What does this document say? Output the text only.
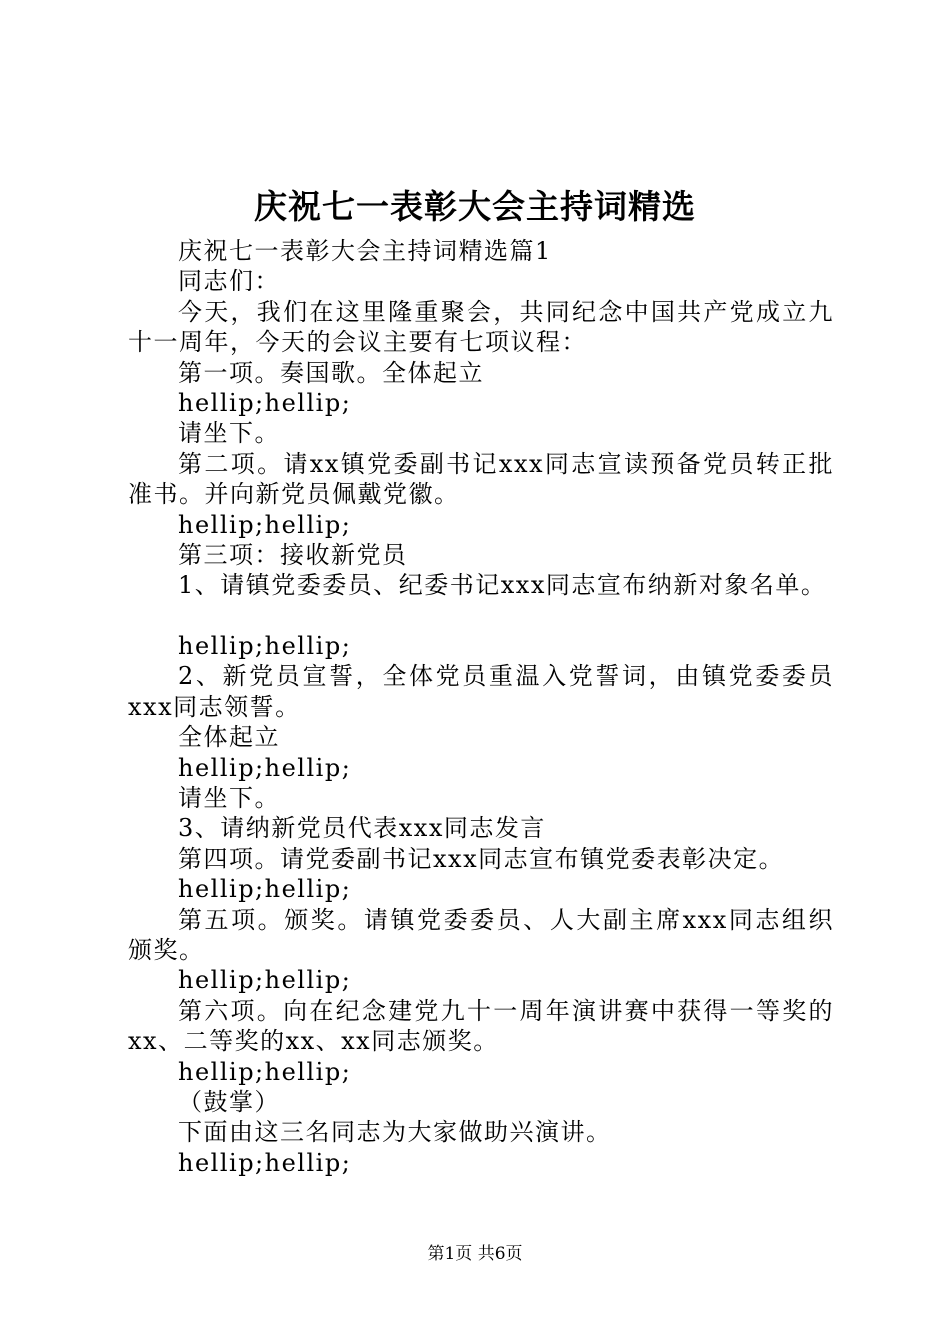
庆祝七一表彰大会主持词精选

庆祝七一表彰大会主持词精选篇1

同志们：

今天，我们在这里隆重聚会，共同纪念中国共产党成立九十一周年，今天的会议主要有七项议程：

第一项。奏国歌。全体起立

hellip;hellip;

请坐下。

第二项。请xx镇党委副书记xxx同志宣读预备党员转正批准书。并向新党员佩戴党徽。

hellip;hellip;

第三项：接收新党员

1、请镇党委委员、纪委书记xxx同志宣布纳新对象名单。

hellip;hellip;

2、新党员宣誓，全体党员重温入党誓词，由镇党委委员xxx同志领誓。

全体起立

hellip;hellip;

请坐下。

3、请纳新党员代表xxx同志发言

第四项。请党委副书记xxx同志宣布镇党委表彰决定。

hellip;hellip;

第五项。颁奖。请镇党委委员、人大副主席xxx同志组织颁奖。

hellip;hellip;

第六项。向在纪念建党九十一周年演讲赛中获得一等奖的xx、二等奖的xx、xx同志颁奖。

hellip;hellip;

（鼓掌）

下面由这三名同志为大家做助兴演讲。

hellip;hellip;

第1页 共6页
